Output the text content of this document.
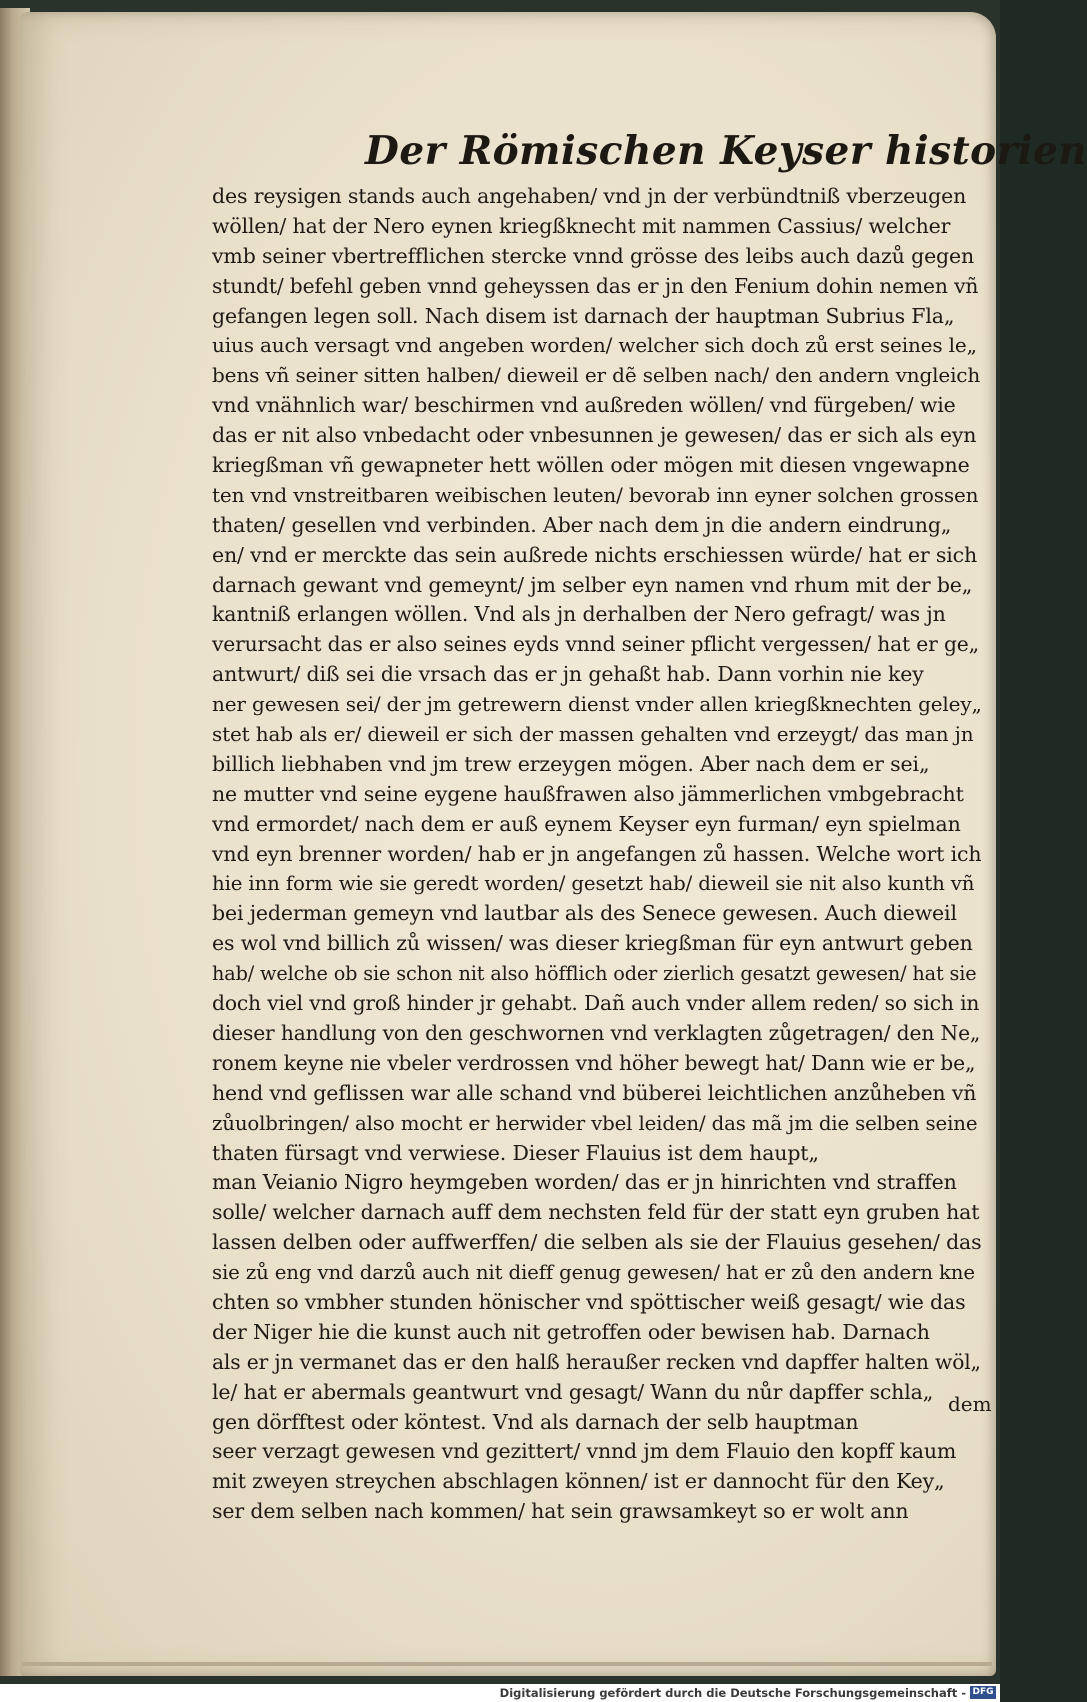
Der Römischen Keyser historien
des reysigen stands auch angehaben/ vnd jn der verbündtniß vberzeugen
wöllen/ hat der Nero eynen kriegßknecht mit nammen Cassius/ welcher
vmb seiner vbertrefflichen stercke vnnd grösse des leibs auch dazů gegen
stundt/ befehl geben vnnd geheyssen das er jn den Fenium dohin nemen vñ
gefangen legen soll. Nach disem ist darnach der hauptman Subrius Fla„
uius auch versagt vnd angeben worden/ welcher sich doch zů erst seines le„
bens vñ seiner sitten halben/ dieweil er dẽ selben nach/ den andern vngleich
vnd vnähnlich war/ beschirmen vnd außreden wöllen/ vnd fürgeben/ wie
das er nit also vnbedacht oder vnbesunnen je gewesen/ das er sich als eyn
kriegßman vñ gewapneter hett wöllen oder mögen mit diesen vngewapne
ten vnd vnstreitbaren weibischen leuten/ bevorab inn eyner solchen grossen
thaten/ gesellen vnd verbinden. Aber nach dem jn die andern eindrung„
en/ vnd er merckte das sein außrede nichts erschiessen würde/ hat er sich
darnach gewant vnd gemeynt/ jm selber eyn namen vnd rhum mit der be„
kantniß erlangen wöllen. Vnd als jn derhalben der Nero gefragt/ was jn
verursacht das er also seines eyds vnnd seiner pflicht vergessen/ hat er ge„
antwurt/ diß sei die vrsach das er jn gehaßt hab. Dann vorhin nie key
ner gewesen sei/ der jm getrewern dienst vnder allen kriegßknechten geley„
stet hab als er/ dieweil er sich der massen gehalten vnd erzeygt/ das man jn
billich liebhaben vnd jm trew erzeygen mögen. Aber nach dem er sei„
ne mutter vnd seine eygene haußfrawen also jämmerlichen vmbgebracht
vnd ermordet/ nach dem er auß eynem Keyser eyn furman/ eyn spielman
vnd eyn brenner worden/ hab er jn angefangen zů hassen. Welche wort ich
hie inn form wie sie geredt worden/ gesetzt hab/ dieweil sie nit also kunth vñ
bei jederman gemeyn vnd lautbar als des Senece gewesen. Auch dieweil
es wol vnd billich zů wissen/ was dieser kriegßman für eyn antwurt geben
hab/ welche ob sie schon nit also höfflich oder zierlich gesatzt gewesen/ hat sie
doch viel vnd groß hinder jr gehabt. Dañ auch vnder allem reden/ so sich in
dieser handlung von den geschwornen vnd verklagten zůgetragen/ den Ne„
ronem keyne nie vbeler verdrossen vnd höher bewegt hat/ Dann wie er be„
hend vnd geflissen war alle schand vnd büberei leichtlichen anzůheben vñ
zůuolbringen/ also mocht er herwider vbel leiden/ das mã jm die selben seine
thaten fürsagt vnd verwiese. Dieser Flauius ist dem haupt„
man Veianio Nigro heymgeben worden/ das er jn hinrichten vnd straffen
solle/ welcher darnach auff dem nechsten feld für der statt eyn gruben hat
lassen delben oder auffwerffen/ die selben als sie der Flauius gesehen/ das
sie zů eng vnd darzů auch nit dieff genug gewesen/ hat er zů den andern kne
chten so vmbher stunden hönischer vnd spöttischer weiß gesagt/ wie das
der Niger hie die kunst auch nit getroffen oder bewisen hab. Darnach
als er jn vermanet das er den halß heraußer recken vnd dapffer halten wöl„
le/ hat er abermals geantwurt vnd gesagt/ Wann du nůr dapffer schla„
gen dörfftest oder köntest. Vnd als darnach der selb hauptman
seer verzagt gewesen vnd gezittert/ vnnd jm dem Flauio den kopff kaum
mit zweyen streychen abschlagen können/ ist er dannocht für den Key„
ser dem selben nach kommen/ hat sein grawsamkeyt so er wolt ann
dem
Digitalisierung gefördert durch die Deutsche Forschungsgemeinschaft - DFG
